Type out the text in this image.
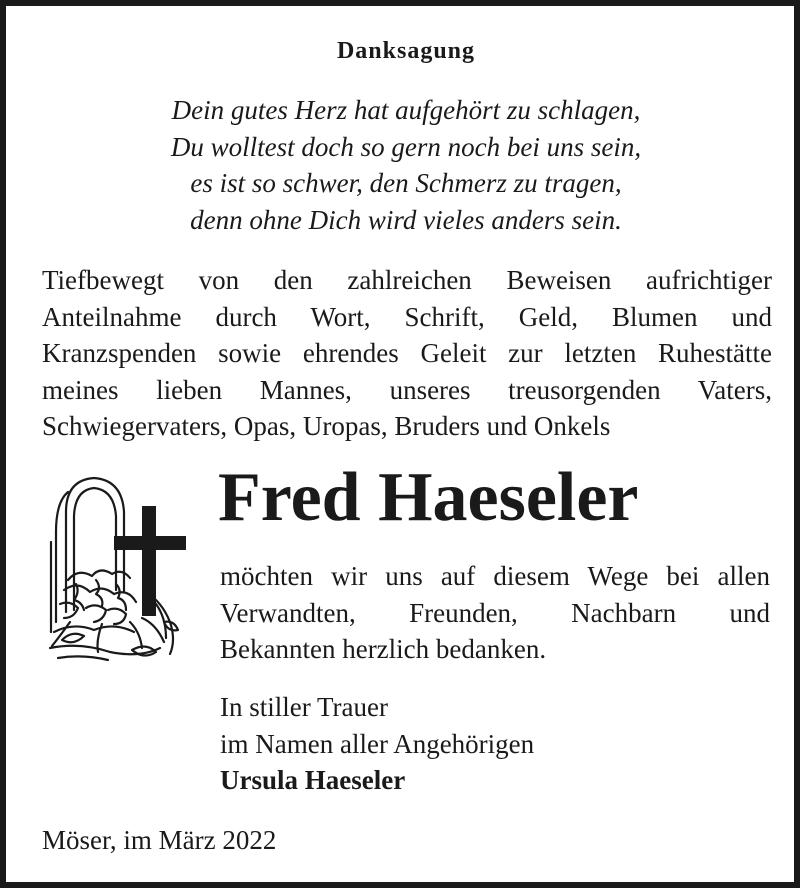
Danksagung
Dein gutes Herz hat aufgehört zu schlagen,
Du wolltest doch so gern noch bei uns sein,
es ist so schwer, den Schmerz zu tragen,
denn ohne Dich wird vieles anders sein.
Tiefbewegt von den zahlreichen Beweisen aufrichtiger
Anteilnahme durch Wort, Schrift, Geld, Blumen und
Kranzspenden sowie ehrendes Geleit zur letzten Ruhestätte
meines lieben Mannes, unseres treusorgenden Vaters,
Schwiegervaters, Opas, Uropas, Bruders und Onkels
Fred Haeseler
möchten wir uns auf diesem Wege bei allen
Verwandten, Freunden, Nachbarn und
Bekannten herzlich bedanken.
In stiller Trauer
im Namen aller Angehörigen
Ursula Haeseler
Möser, im März 2022
